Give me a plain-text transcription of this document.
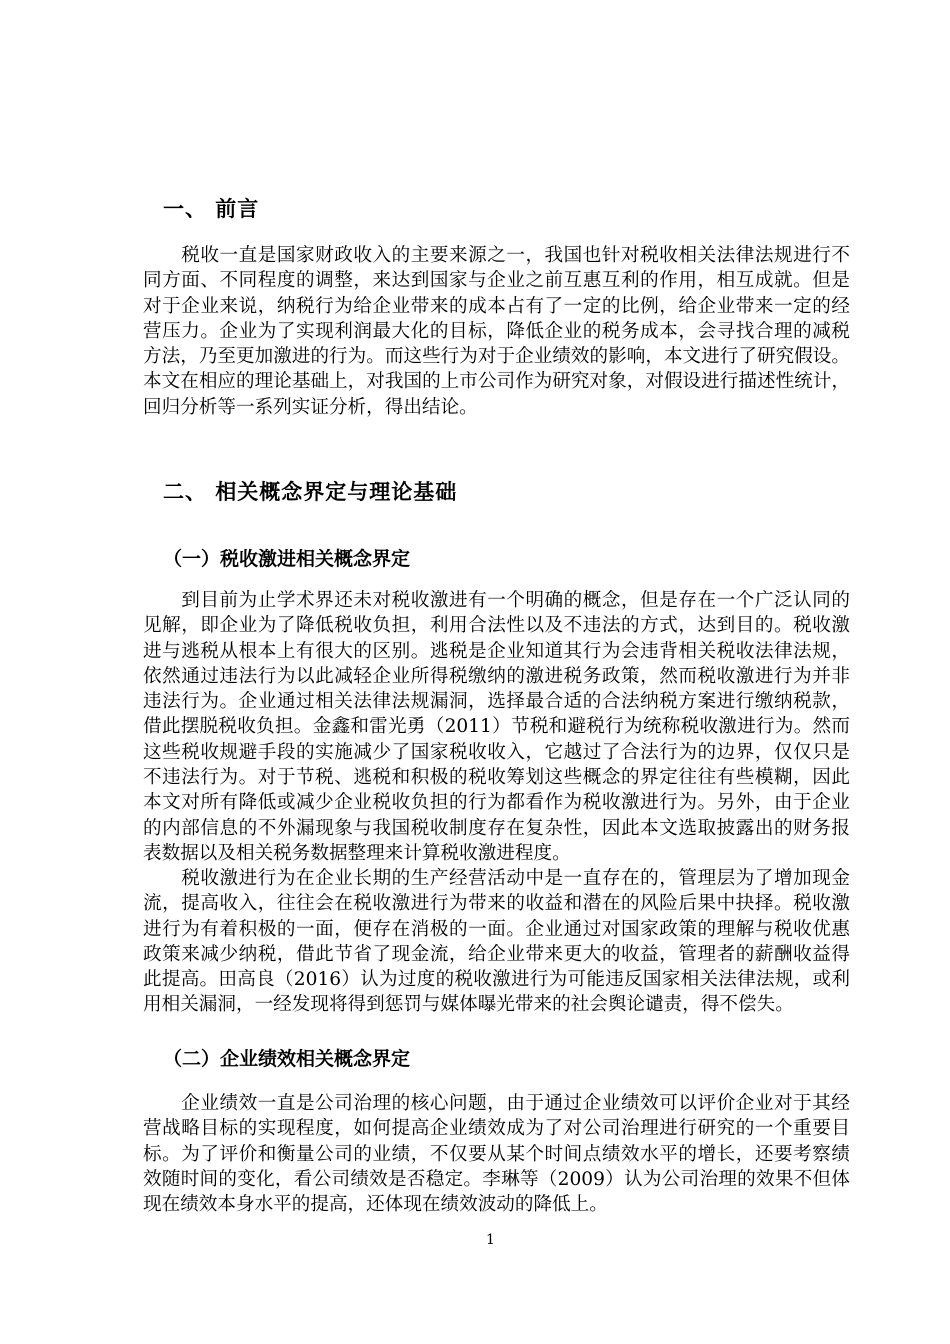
一、 前言
　　税收一直是国家财政收入的主要来源之一，我国也针对税收相关法律法规进行不
同方面、不同程度的调整，来达到国家与企业之前互惠互利的作用，相互成就。但是
对于企业来说，纳税行为给企业带来的成本占有了一定的比例，给企业带来一定的经
营压力。企业为了实现利润最大化的目标，降低企业的税务成本，会寻找合理的减税
方法，乃至更加激进的行为。而这些行为对于企业绩效的影响，本文进行了研究假设。
本文在相应的理论基础上，对我国的上市公司作为研究对象，对假设进行描述性统计，
回归分析等一系列实证分析，得出结论。
二、 相关概念界定与理论基础
（一）税收激进相关概念界定
　　到目前为止学术界还未对税收激进有一个明确的概念，但是存在一个广泛认同的
见解，即企业为了降低税收负担，利用合法性以及不违法的方式，达到目的。税收激
进与逃税从根本上有很大的区别。逃税是企业知道其行为会违背相关税收法律法规，
依然通过违法行为以此减轻企业所得税缴纳的激进税务政策，然而税收激进行为并非
违法行为。企业通过相关法律法规漏洞，选择最合适的合法纳税方案进行缴纳税款，
借此摆脱税收负担。金鑫和雷光勇（2011）节税和避税行为统称税收激进行为。然而
这些税收规避手段的实施减少了国家税收收入，它越过了合法行为的边界，仅仅只是
不违法行为。对于节税、逃税和积极的税收筹划这些概念的界定往往有些模糊，因此
本文对所有降低或减少企业税收负担的行为都看作为税收激进行为。另外，由于企业
的内部信息的不外漏现象与我国税收制度存在复杂性，因此本文选取披露出的财务报
表数据以及相关税务数据整理来计算税收激进程度。
　　税收激进行为在企业长期的生产经营活动中是一直存在的，管理层为了增加现金
流，提高收入，往往会在税收激进行为带来的收益和潜在的风险后果中抉择。税收激
进行为有着积极的一面，便存在消极的一面。企业通过对国家政策的理解与税收优惠
政策来减少纳税，借此节省了现金流，给企业带来更大的收益，管理者的薪酬收益得
此提高。田高良（2016）认为过度的税收激进行为可能违反国家相关法律法规，或利
用相关漏洞，一经发现将得到惩罚与媒体曝光带来的社会舆论谴责，得不偿失。
（二）企业绩效相关概念界定
　　企业绩效一直是公司治理的核心问题，由于通过企业绩效可以评价企业对于其经
营战略目标的实现程度，如何提高企业绩效成为了对公司治理进行研究的一个重要目
标。为了评价和衡量公司的业绩，不仅要从某个时间点绩效水平的增长，还要考察绩
效随时间的变化，看公司绩效是否稳定。李琳等（2009）认为公司治理的效果不但体
现在绩效本身水平的提高，还体现在绩效波动的降低上。
1
